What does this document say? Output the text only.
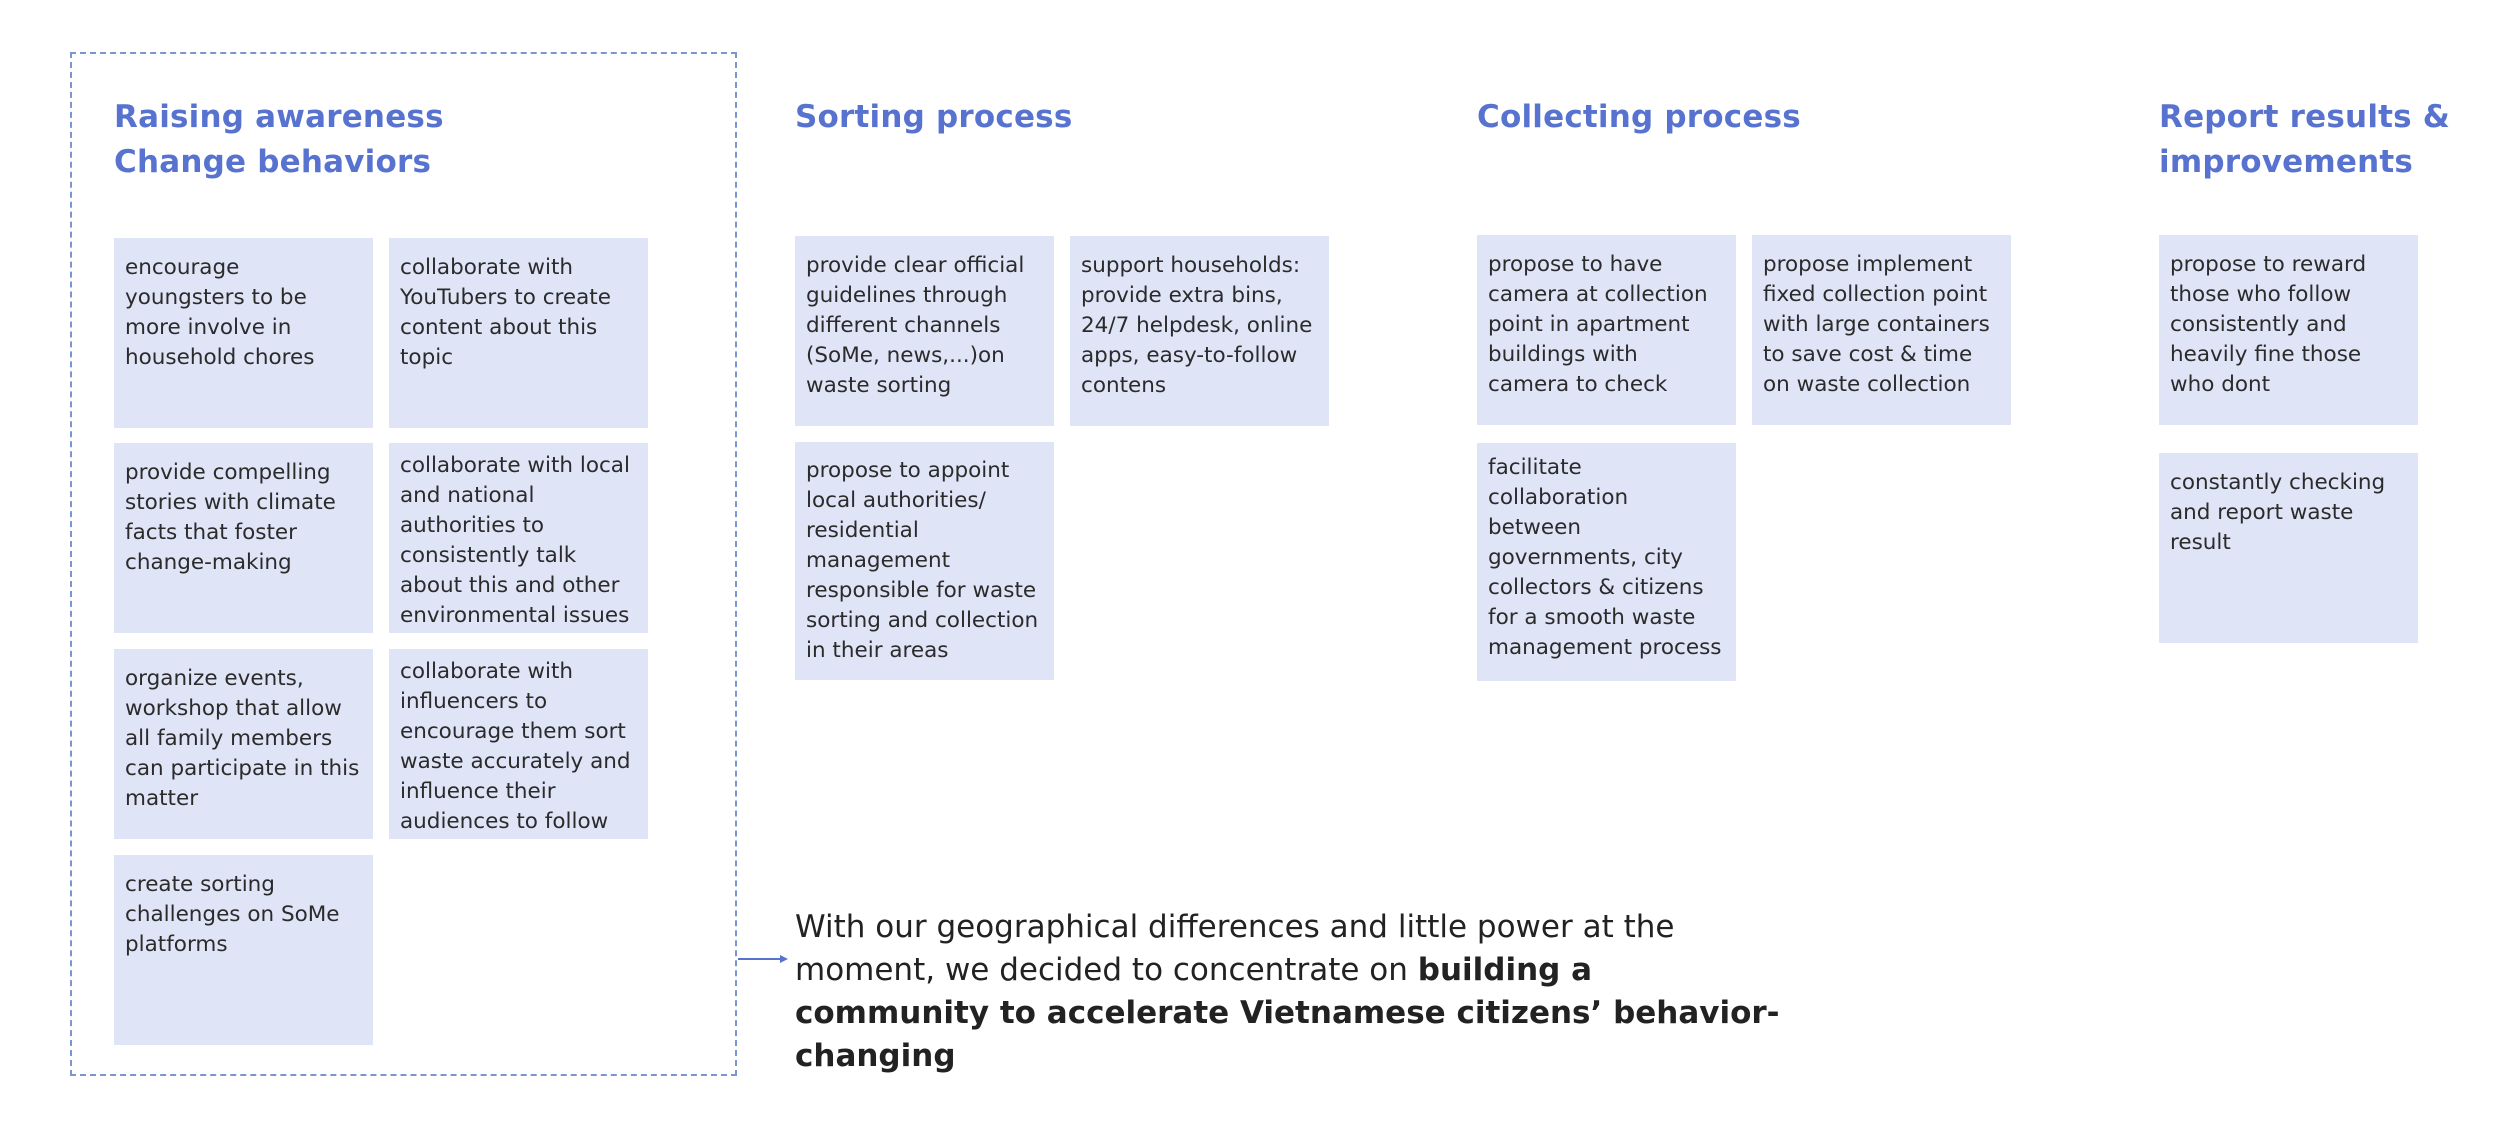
Raising awareness
Change behaviors
Sorting process	Collecting process	Report results &
improvements
encourage youngsters to be more involve in household chores
collaborate with YouTubers to create content about this topic
provide compelling stories with climate facts that foster change-making
collaborate with local and national authorities to consistently talk about this and other environmental issues
organize events, workshop that allow all family members can participate in this matter
collaborate with influencers to encourage them sort waste accurately and influence their audiences to follow
create sorting challenges on SoMe platforms
provide clear official guidelines through different channels (SoMe, news,...)on waste sorting
support households: provide extra bins, 24/7 helpdesk, online apps, easy-to-follow contens
propose to appoint local authorities/ residential management responsible for waste sorting and collection in their areas
propose to have camera at collection point in apartment buildings with camera to check
propose implement fixed collection point with large containers to save cost & time on waste collection
facilitate collaboration between governments, city collectors & citizens for a smooth waste management process
propose to reward those who follow consistently and heavily fine those who dont
constantly checking and report waste result

With our geographical differences and little power at the moment, we decided to concentrate on building a community to accelerate Vietnamese citizens’ behavior-changing
